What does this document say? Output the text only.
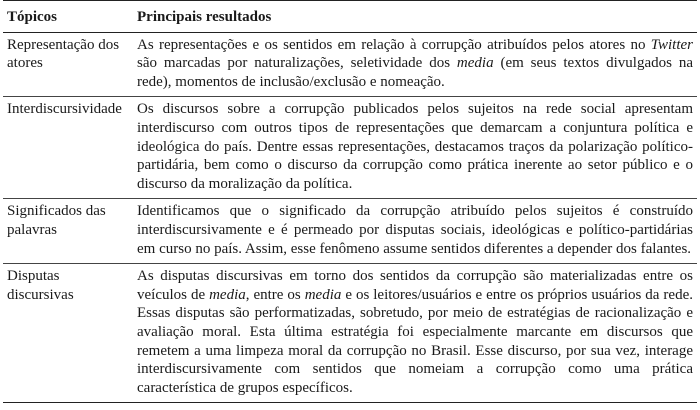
Tópicos	Principais resultados
Representação dos atores	As representações e os sentidos em relação à corrupção atribuídos pelos atores no Twitter são marcadas por naturalizações, seletividade dos media (em seus textos divulgados na rede), momentos de inclusão/exclusão e nomeação.
Interdiscursividade	Os discursos sobre a corrupção publicados pelos sujeitos na rede social apresentam interdiscurso com outros tipos de representações que demarcam a conjuntura política e ideológica do país. Dentre essas representações, destacamos traços da polarização político-partidária, bem como o discurso da corrupção como prática inerente ao setor público e o discurso da moralização da política.
Significados das palavras	Identificamos que o significado da corrupção atribuído pelos sujeitos é construído interdiscursivamente e é permeado por disputas sociais, ideológicas e político-partidárias em curso no país. Assim, esse fenômeno assume sentidos diferentes a depender dos falantes.
Disputas discursivas	As disputas discursivas em torno dos sentidos da corrupção são materializadas entre os veículos de media, entre os media e os leitores/usuários e entre os próprios usuários da rede. Essas disputas são performatizadas, sobretudo, por meio de estratégias de racionalização e avaliação moral. Esta última estratégia foi especialmente marcante em discursos que remetem a uma limpeza moral da corrupção no Brasil. Esse discurso, por sua vez, interage interdiscursivamente com sentidos que nomeiam a corrupção como uma prática característica de grupos específicos.
